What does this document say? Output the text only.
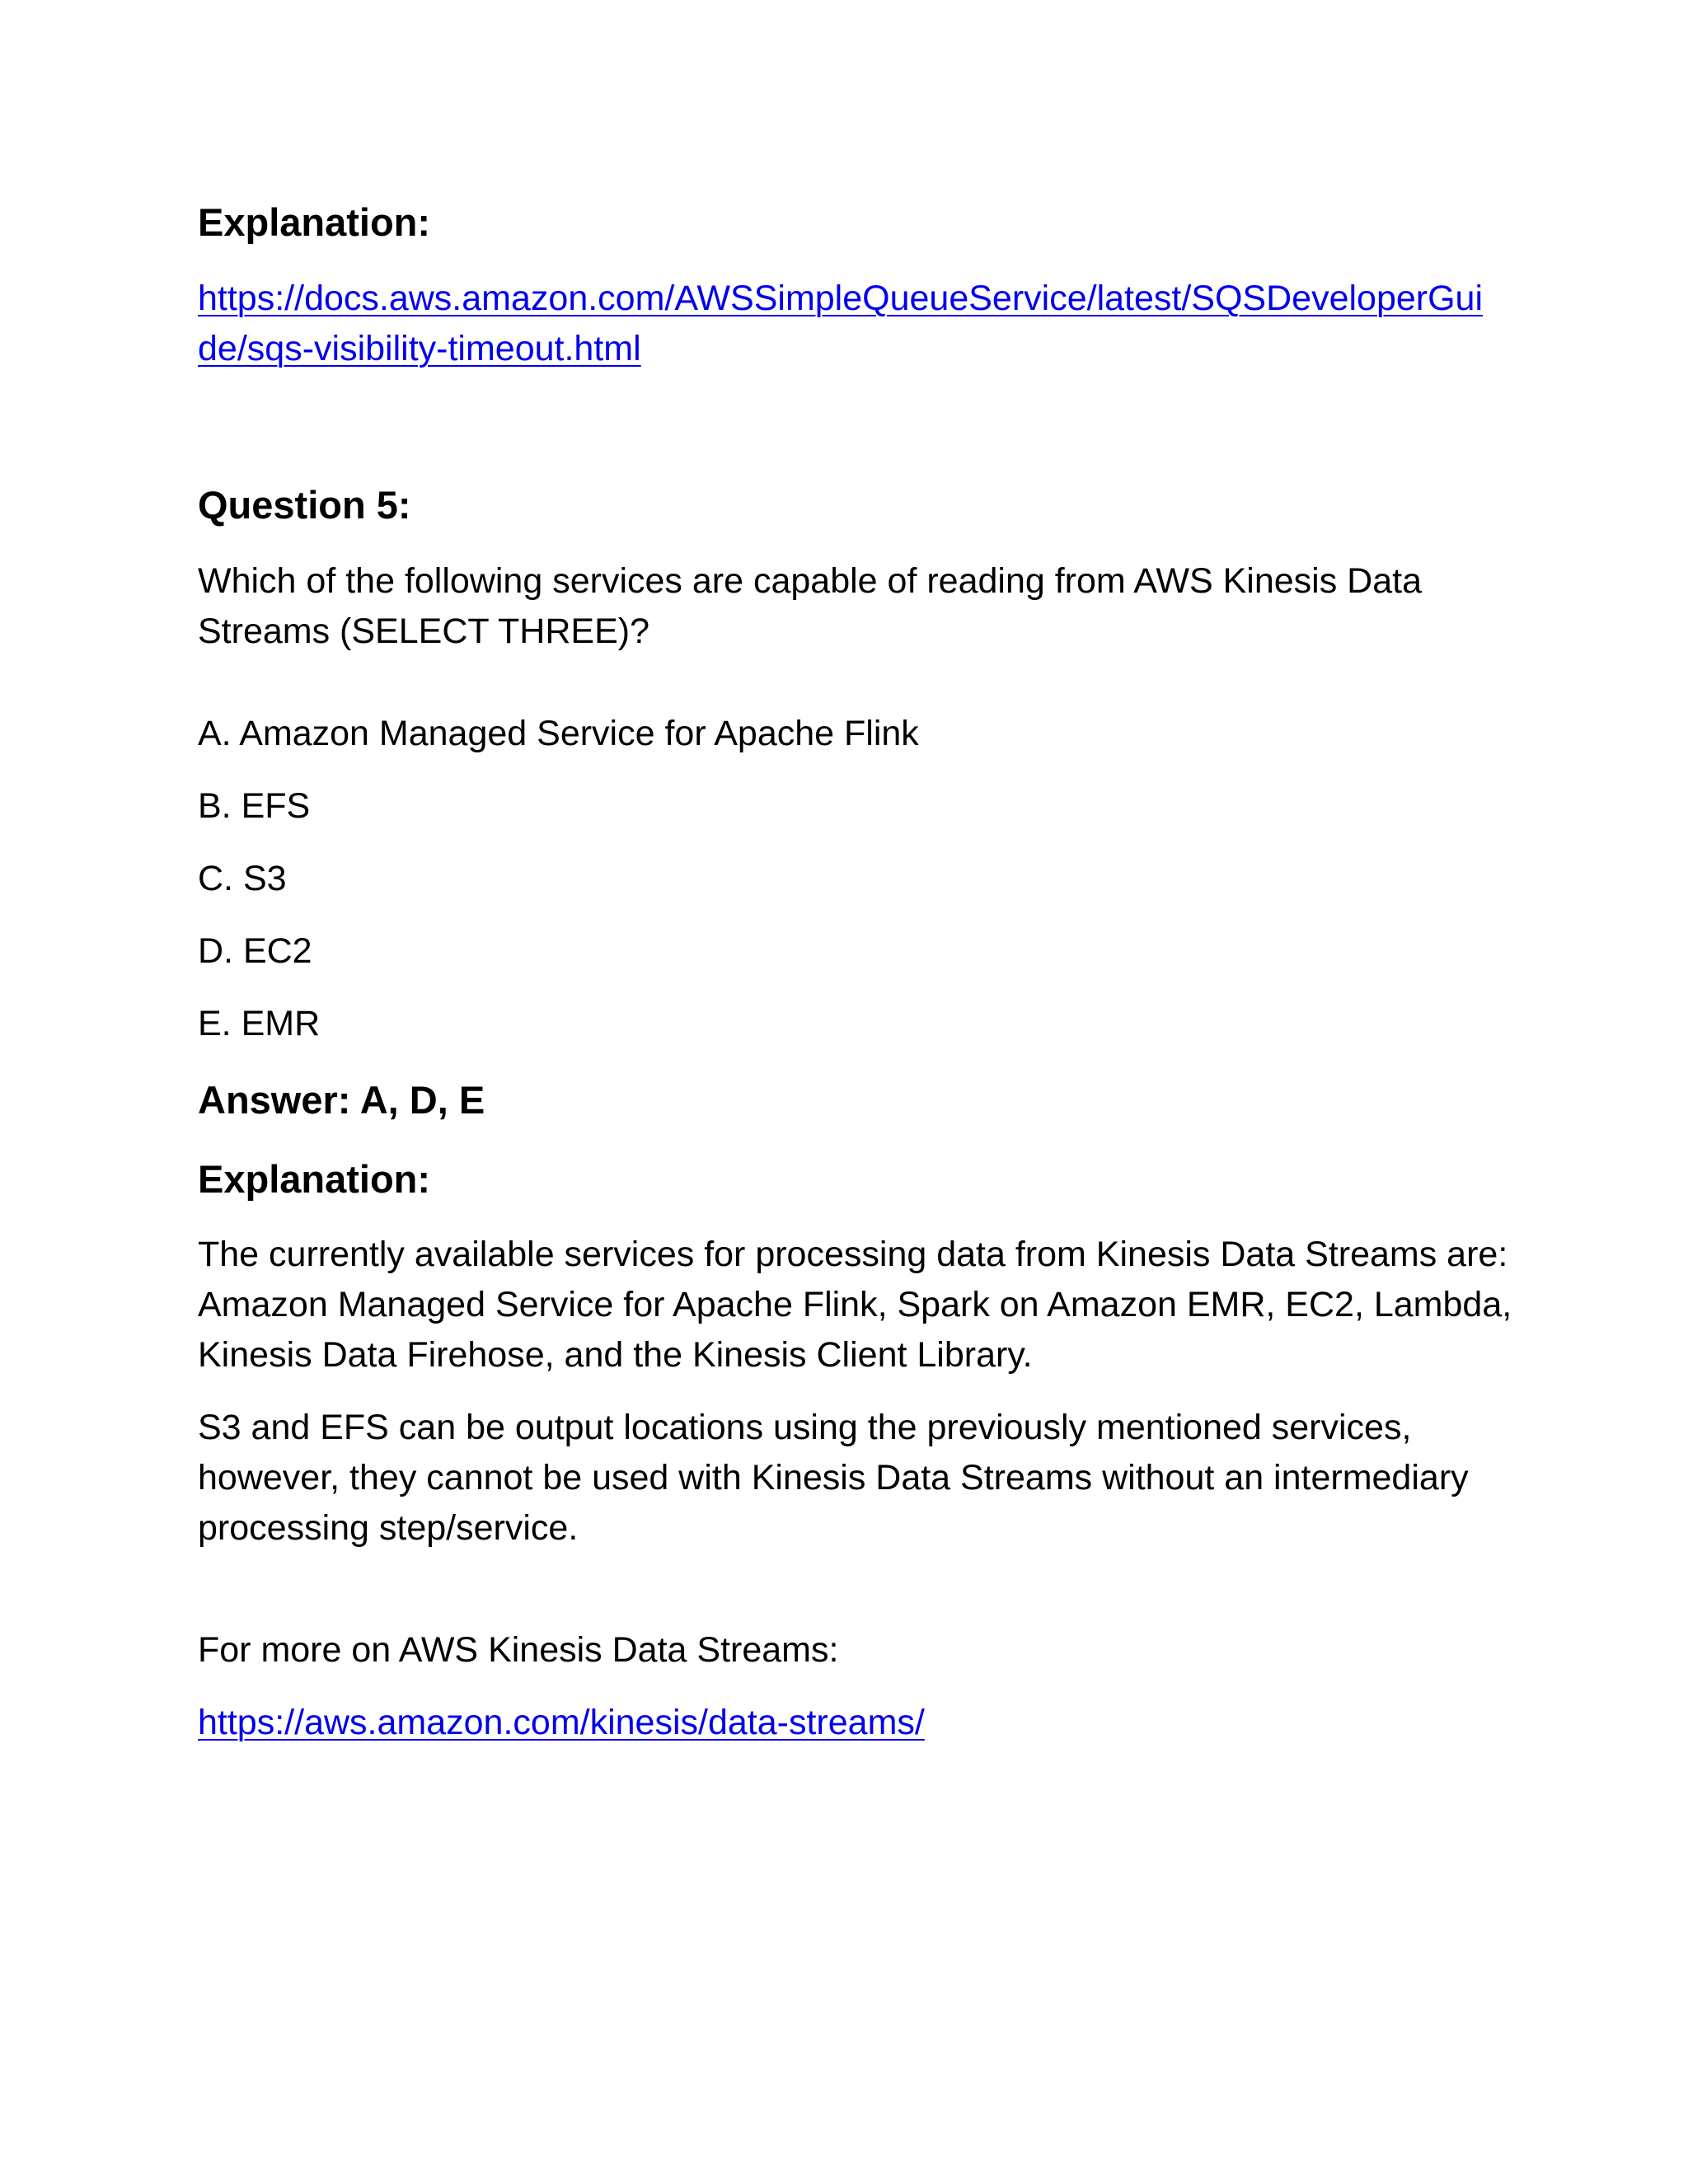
Explanation:
https://docs.aws.amazon.com/AWSSimpleQueueService/latest/SQSDeveloperGui
de/sqs-visibility-timeout.html
Question 5:

Which of the following services are capable of reading from AWS Kinesis Data
Streams (SELECT THREE)?

A. Amazon Managed Service for Apache Flink

B. EFS

C. S3

D. EC2

E. EMR

Answer: A, D, E
Explanation:

The currently available services for processing data from Kinesis Data Streams are:
Amazon Managed Service for Apache Flink, Spark on Amazon EMR, EC2, Lambda,
Kinesis Data Firehose, and the Kinesis Client Library.

S3 and EFS can be output locations using the previously mentioned services,
however, they cannot be used with Kinesis Data Streams without an intermediary
processing step/service.

For more on AWS Kinesis Data Streams:

https://aws.amazon.com/kinesis/data-streams/
